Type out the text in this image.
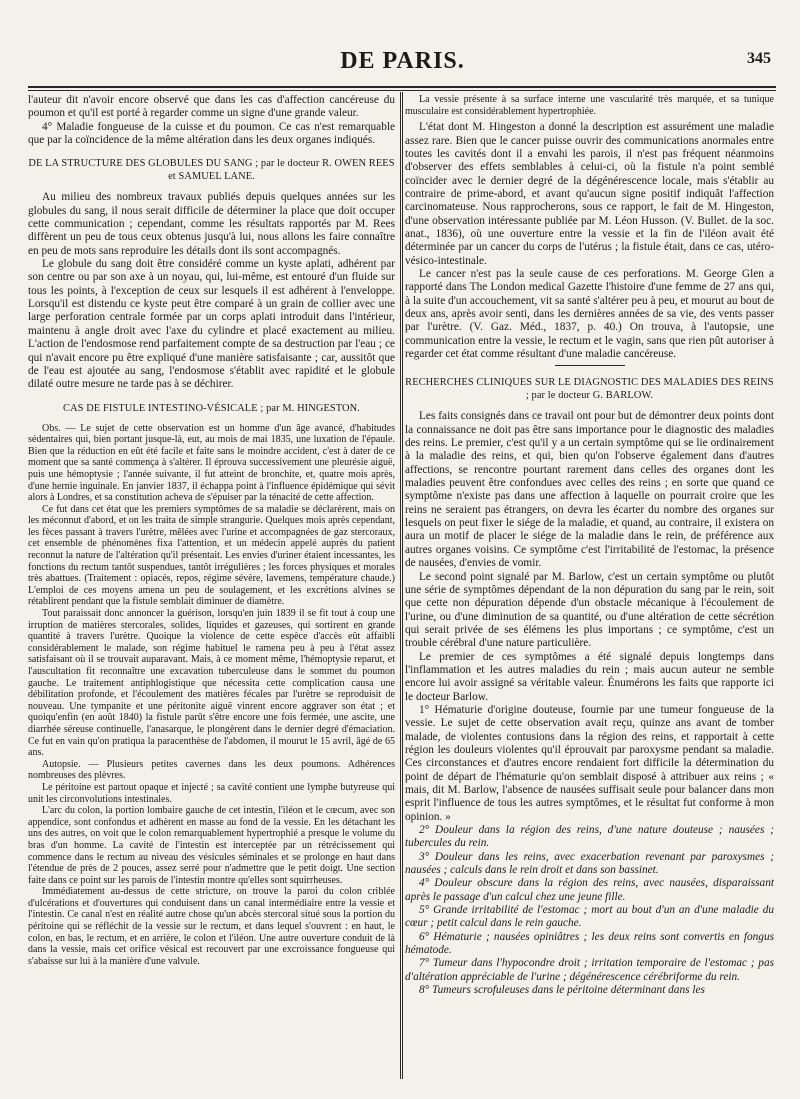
DE PARIS.	345

l'auteur dit n'avoir encore observé que dans les cas d'affection cancéreuse du poumon et qu'il est porté à regarder comme un signe d'une grande valeur.

4° Maladie fongueuse de la cuisse et du poumon. Ce cas n'est remarquable que par la coïncidence de la même altération dans les deux organes indiqués.

DE LA STRUCTURE DES GLOBULES DU SANG ; par le docteur R. OWEN REES et SAMUEL LANE.

Au milieu des nombreux travaux publiés depuis quelques années sur les globules du sang, il nous serait difficile de déterminer la place que doit occuper cette communication ; cependant, comme les résultats rapportés par M. Rees diffèrent un peu de tous ceux obtenus jusqu'à lui, nous allons les faire connaître en peu de mots sans reproduire les détails dont ils sont accompagnés.

Le globule du sang doit être considéré comme un kyste aplati, adhérent par son centre ou par son axe à un noyau, qui, lui-même, est entouré d'un fluide sur tous les points, à l'exception de ceux sur lesquels il est adhérent à l'enveloppe. Lorsqu'il est distendu ce kyste peut être comparé à un grain de collier avec une large perforation centrale formée par un corps aplati introduit dans l'intérieur, maintenu à angle droit avec l'axe du cylindre et placé exactement au milieu. L'action de l'endosmose rend parfaitement compte de sa destruction par l'eau ; ce qui n'avait encore pu être expliqué d'une manière satisfaisante ; car, aussitôt que de l'eau est ajoutée au sang, l'endosmose s'établit avec rapidité et le globule dilaté outre mesure ne tarde pas à se déchirer.

CAS DE FISTULE INTESTINO-VÉSICALE ; par M. HINGESTON.

Obs. — Le sujet de cette observation est un homme d'un âge avancé, d'habitudes sédentaires qui, bien portant jusque-là, eut, au mois de mai 1835, une luxation de l'épaule. Bien que la réduction en eût été facile et faite sans le moindre accident, c'est à dater de ce moment que sa santé commença à s'altérer. Il éprouva successivement une pleurésie aiguë, puis une hémoptysie ; l'année suivante, il fut atteint de bronchite, et, quatre mois après, d'une hernie inguinale. En janvier 1837, il échappa point à l'influence épidémique qui sévit alors à Londres, et sa constitution acheva de s'épuiser par la ténacité de cette affection.

Ce fut dans cet état que les premiers symptômes de sa maladie se déclarèrent, mais on les méconnut d'abord, et on les traita de simple strangurie. Quelques mois après cependant, les fèces passant à travers l'urètre, mêlées avec l'urine et accompagnées de gaz stercoraux, cet ensemble de phénomènes fixa l'attention, et un médecin appelé auprès du patient reconnut la nature de l'altération qu'il présentait. Les envies d'uriner étaient incessantes, les fonctions du rectum tantôt suspendues, tantôt irrégulières ; les forces physiques et morales très abattues. (Traitement : opiacés, repos, régime sévère, lavemens, température chaude.) L'emploi de ces moyens amena un peu de soulagement, et les excrétions alvines se rétablirent pendant que la fistule semblait diminuer de diamètre.

Tout paraissait donc annoncer la guérison, lorsqu'en juin 1839 il se fit tout à coup une irruption de matières stercorales, solides, liquides et gazeuses, qui sortirent en grande quantité à travers l'urètre. Quoique la violence de cette espèce d'accès eût affaibli considérablement le malade, son régime habituel le ramena peu à peu à l'état assez satisfaisant où il se trouvait auparavant. Mais, à ce moment même, l'hémoptysie reparut, et l'auscultation fit reconnaître une excavation tuberculeuse dans le sommet du poumon gauche. Le traitement antiphlogistique que nécessita cette complication causa une débilitation profonde, et l'écoulement des matières fécales par l'urètre se reproduisit de nouveau. Une tympanite et une péritonite aiguë vinrent encore aggraver son état ; et quoiqu'enfin (en août 1840) la fistule parût s'être encore une fois fermée, une ascite, une diarrhée séreuse continuelle, l'anasarque, le plongèrent dans le dernier degré d'émaciation. Ce fut en vain qu'on pratiqua la paracenthèse de l'abdomen, il mourut le 15 avril, âgé de 65 ans.

Autopsie. — Plusieurs petites cavernes dans les deux poumons. Adhérences nombreuses des plèvres.

Le péritoine est partout opaque et injecté ; sa cavité contient une lymphe butyreuse qui unit les circonvolutions intestinales.

L'arc du colon, la portion lombaire gauche de cet intestin, l'iléon et le cœcum, avec son appendice, sont confondus et adhèrent en masse au fond de la vessie. En les détachant les uns des autres, on voit que le colon remarquablement hypertrophié a presque le volume du bras d'un homme. La cavité de l'intestin est interceptée par un rétrécissement qui commence dans le rectum au niveau des vésicules séminales et se prolonge en haut dans l'étendue de près de 2 pouces, assez serré pour n'admettre que le petit doigt. Une section faite dans ce point sur les parois de l'intestin montre qu'elles sont squirrheuses.

Immédiatement au-dessus de cette stricture, on trouve la paroi du colon criblée d'ulcérations et d'ouvertures qui conduisent dans un canal intermédiaire entre la vessie et l'intestin. Ce canal n'est en réalité autre chose qu'un abcès stercoral situé sous la portion du péritoine qui se réfléchit de la vessie sur le rectum, et dans lequel s'ouvrent : en haut, le colon, en bas, le rectum, et en arrière, le colon et l'iléon. Une autre ouverture conduit de là dans la vessie, mais cet orifice vésical est recouvert par une excroissance fongueuse qui s'abaisse sur lui à la manière d'une valvule.

La vessie présente à sa surface interne une vascularité très marquée, et sa tunique musculaire est considérablement hypertrophiée.

L'état dont M. Hingeston a donné la description est assurément une maladie assez rare. Bien que le cancer puisse ouvrir des communications anormales entre toutes les cavités dont il a envahi les parois, il n'est pas fréquent néanmoins d'observer des effets semblables à celui-ci, où la fistule n'a point semblé coïncider avec le dernier degré de la dégénérescence locale, mais s'établir au contraire de prime-abord, et avant qu'aucun signe positif indiquât l'affection carcinomateuse. Nous rapprocherons, sous ce rapport, le fait de M. Hingeston, d'une observation intéressante publiée par M. Léon Husson. (V. Bullet. de la soc. anat., 1836), où une ouverture entre la vessie et la fin de l'iléon avait été déterminée par un cancer du corps de l'utérus ; la fistule était, dans ce cas, utéro-vésico-intestinale.

Le cancer n'est pas la seule cause de ces perforations. M. George Glen a rapporté dans The London medical Gazette l'histoire d'une femme de 27 ans qui, à la suite d'un accouchement, vit sa santé s'altérer peu à peu, et mourut au bout de deux ans, après avoir senti, dans les dernières années de sa vie, des vents passer par l'urètre. (V. Gaz. Méd., 1837, p. 40.) On trouva, à l'autopsie, une communication entre la vessie, le rectum et le vagin, sans que rien pût autoriser à regarder cet état comme résultant d'une maladie cancéreuse.

RECHERCHES CLINIQUES SUR LE DIAGNOSTIC DES MALADIES DES REINS ; par le docteur G. BARLOW.

Les faits consignés dans ce travail ont pour but de démontrer deux points dont la connaissance ne doit pas être sans importance pour le diagnostic des maladies des reins. Le premier, c'est qu'il y a un certain symptôme qui se lie ordinairement à la maladie des reins, et qui, bien qu'on l'observe également dans d'autres affections, se rencontre pourtant rarement dans celles des organes dont les maladies peuvent être confondues avec celles des reins ; en sorte que quand ce symptôme n'existe pas dans une affection à laquelle on pourrait croire que les reins ne seraient pas étrangers, on devra les écarter du nombre des organes sur lesquels on peut fixer le siége de la maladie, et quand, au contraire, il existera on aura un motif de placer le siége de la maladie dans le rein, de préférence aux autres organes voisins. Ce symptôme c'est l'irritabilité de l'estomac, la présence de nausées, d'envies de vomir.

Le second point signalé par M. Barlow, c'est un certain symptôme ou plutôt une série de symptômes dépendant de la non dépuration du sang par le rein, soit que cette non dépuration dépende d'un obstacle mécanique à l'écoulement de l'urine, ou d'une diminution de sa quantité, ou d'une altération de cette sécrétion qui serait privée de ses élémens les plus importans ; ce symptôme, c'est un trouble cérébral d'une nature particulière.

Le premier de ces symptômes a été signalé depuis longtemps dans l'inflammation et les autres maladies du rein ; mais aucun auteur ne semble encore lui avoir assigné sa véritable valeur. Énumérons les faits que rapporte ici le docteur Barlow.

1° Hématurie d'origine douteuse, fournie par une tumeur fongueuse de la vessie. Le sujet de cette observation avait reçu, quinze ans avant de tomber malade, de violentes contusions dans la région des reins, et rapportait à cette région les douleurs violentes qu'il éprouvait par paroxysme pendant sa maladie. Ces circonstances et d'autres encore rendaient fort difficile la détermination du point de départ de l'hématurie qu'on semblait disposé à attribuer aux reins ; « mais, dit M. Barlow, l'absence de nausées suffisait seule pour balancer dans mon esprit l'influence de tous les autres symptômes, et le résultat fut conforme à mon opinion. »

2° Douleur dans la région des reins, d'une nature douteuse ; nausées ; tubercules du rein.

3° Douleur dans les reins, avec exacerbation revenant par paroxysmes ; nausées ; calculs dans le rein droit et dans son bassinet.

4° Douleur obscure dans la région des reins, avec nausées, disparaissant après le passage d'un calcul chez une jeune fille.

5° Grande irritabilité de l'estomac ; mort au bout d'un an d'une maladie du cœur ; petit calcul dans le rein gauche.

6° Hématurie ; nausées opiniâtres ; les deux reins sont convertis en fongus hématode.

7° Tumeur dans l'hypocondre droit ; irritation temporaire de l'estomac ; pas d'altération appréciable de l'urine ; dégénérescence cérébriforme du rein.

8° Tumeurs scrofuleuses dans le péritoine déterminant dans les
